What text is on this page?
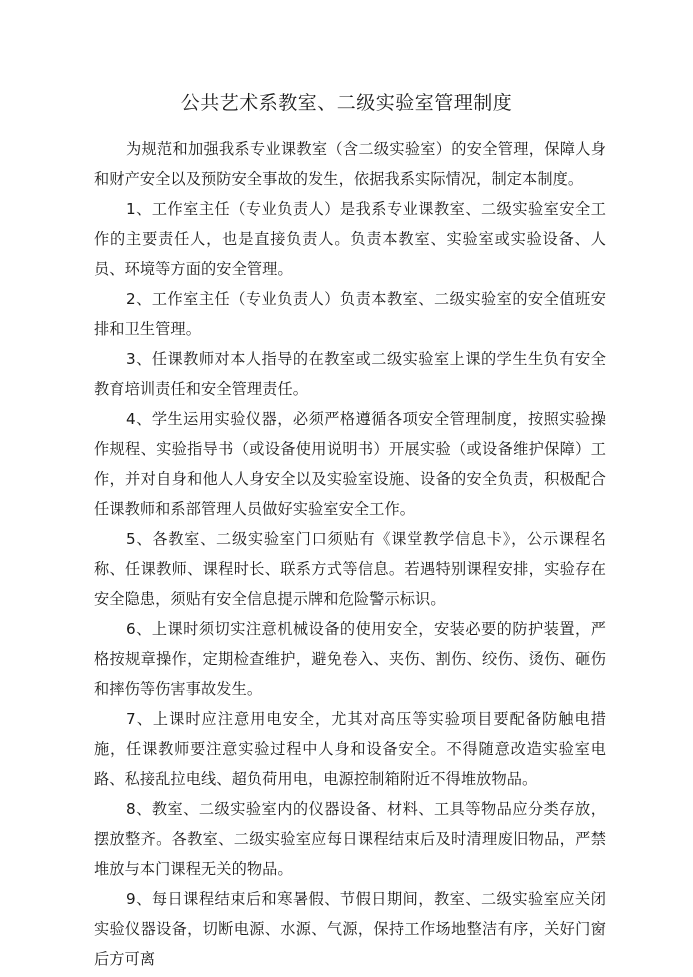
公共艺术系教室、二级实验室管理制度

为规范和加强我系专业课教室（含二级实验室）的安全管理，保障人身和财产安全以及预防安全事故的发生，依据我系实际情况，制定本制度。

1、工作室主任（专业负责人）是我系专业课教室、二级实验室安全工作的主要责任人，也是直接负责人。负责本教室、实验室或实验设备、人员、环境等方面的安全管理。

2、工作室主任（专业负责人）负责本教室、二级实验室的安全值班安排和卫生管理。

3、任课教师对本人指导的在教室或二级实验室上课的学生生负有安全教育培训责任和安全管理责任。

4、学生运用实验仪器，必须严格遵循各项安全管理制度，按照实验操作规程、实验指导书（或设备使用说明书）开展实验（或设备维护保障）工作，并对自身和他人人身安全以及实验室设施、设备的安全负责，积极配合任课教师和系部管理人员做好实验室安全工作。

5、各教室、二级实验室门口须贴有《课堂教学信息卡》，公示课程名称、任课教师、课程时长、联系方式等信息。若遇特别课程安排，实验存在安全隐患，须贴有安全信息提示牌和危险警示标识。

6、上课时须切实注意机械设备的使用安全，安装必要的防护装置，严格按规章操作，定期检查维护，避免卷入、夹伤、割伤、绞伤、烫伤、砸伤和摔伤等伤害事故发生。

7、上课时应注意用电安全，尤其对高压等实验项目要配备防触电措施，任课教师要注意实验过程中人身和设备安全。不得随意改造实验室电路、私接乱拉电线、超负荷用电，电源控制箱附近不得堆放物品。

8、教室、二级实验室内的仪器设备、材料、工具等物品应分类存放，摆放整齐。各教室、二级实验室应每日课程结束后及时清理废旧物品，严禁堆放与本门课程无关的物品。

9、每日课程结束后和寒暑假、节假日期间，教室、二级实验室应关闭实验仪器设备，切断电源、水源、气源，保持工作场地整洁有序，关好门窗后方可离
